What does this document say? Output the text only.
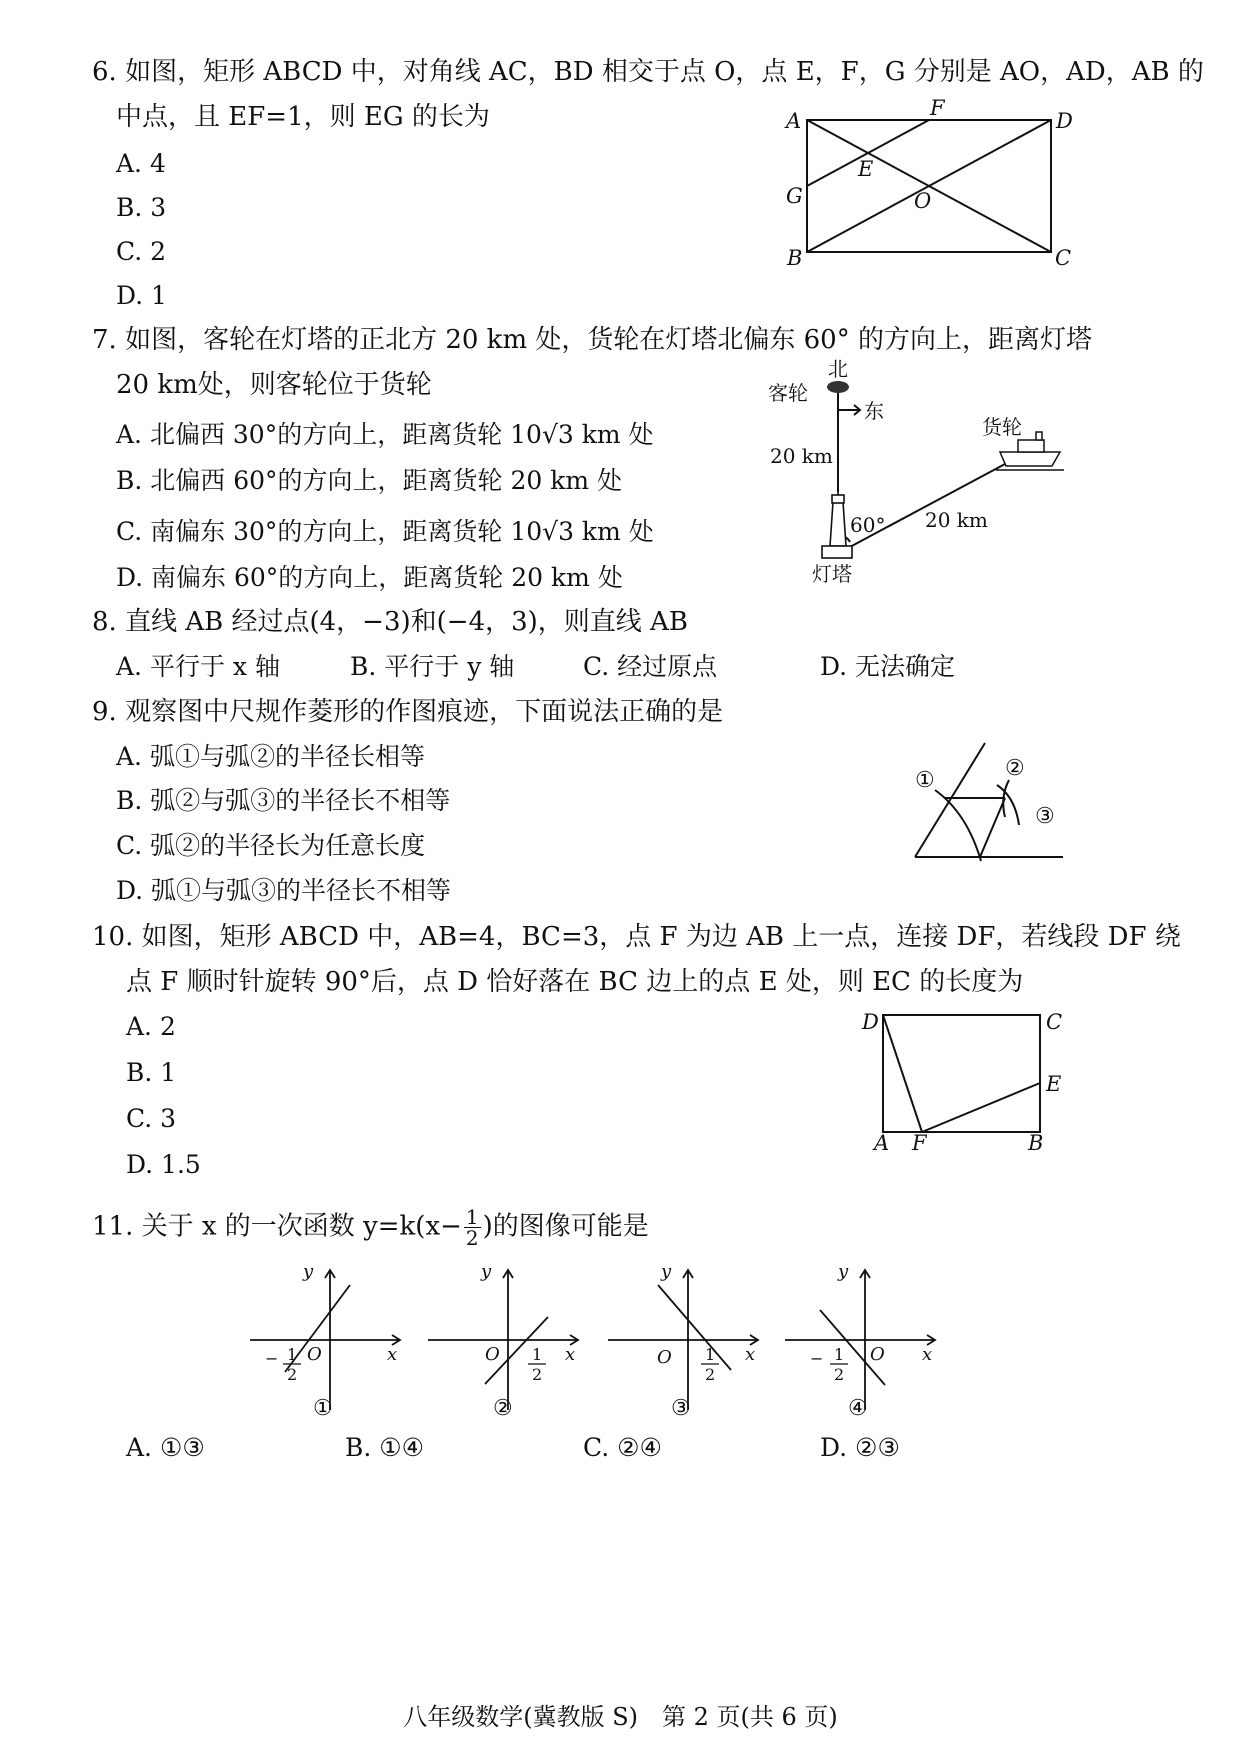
6. 如图，矩形 ABCD 中，对角线 AC，BD 相交于点 O，点 E，F，G 分别是 AO，AD，AB 的
中点，且 EF=1，则 EG 的长为
A. 4
B. 3
C. 2
D. 1
A
B	C
D
E
F
G	O
7. 如图，客轮在灯塔的正北方 20 km 处，货轮在灯塔北偏东 60° 的方向上，距离灯塔
20 km处，则客轮位于货轮
A. 北偏西 30°的方向上，距离货轮 10√3 km 处
B. 北偏西 60°的方向上，距离货轮 20 km 处
C. 南偏东 30°的方向上，距离货轮 10√3 km 处
D. 南偏东 60°的方向上，距离货轮 20 km 处
北
东
客轮
货轮
灯塔
20 km
20 km
60°
8. 直线 AB 经过点(4，−3)和(−4，3)，则直线 AB
A. 平行于 x 轴	B. 平行于 y 轴	C. 经过原点	D. 无法确定
9. 观察图中尺规作菱形的作图痕迹，下面说法正确的是
A. 弧①与弧②的半径长相等
B. 弧②与弧③的半径长不相等
C. 弧②的半径长为任意长度
D. 弧①与弧③的半径长不相等
①	②
③
10. 如图，矩形 ABCD 中，AB=4，BC=3，点 F 为边 AB 上一点，连接 DF，若线段 DF 绕
点 F 顺时针旋转 90°后，点 D 恰好落在 BC 边上的点 E 处，则 EC 的长度为
A. 2
B. 1
C. 3
D. 1.5
D	C
E
A F	B
11. 关于 x 的一次函数 $y=k(x- \frac{1}{2}$ )的图像可能是
y
x
O
− 1
2
①
y
x
O 1
2
②
y
x
O 1
2
③
y
x
O
− 1
2
④
A. ①③	B. ①④	C. ②④	D. ②③
八年级数学(冀教版 S)　第 2 页(共 6 页)
